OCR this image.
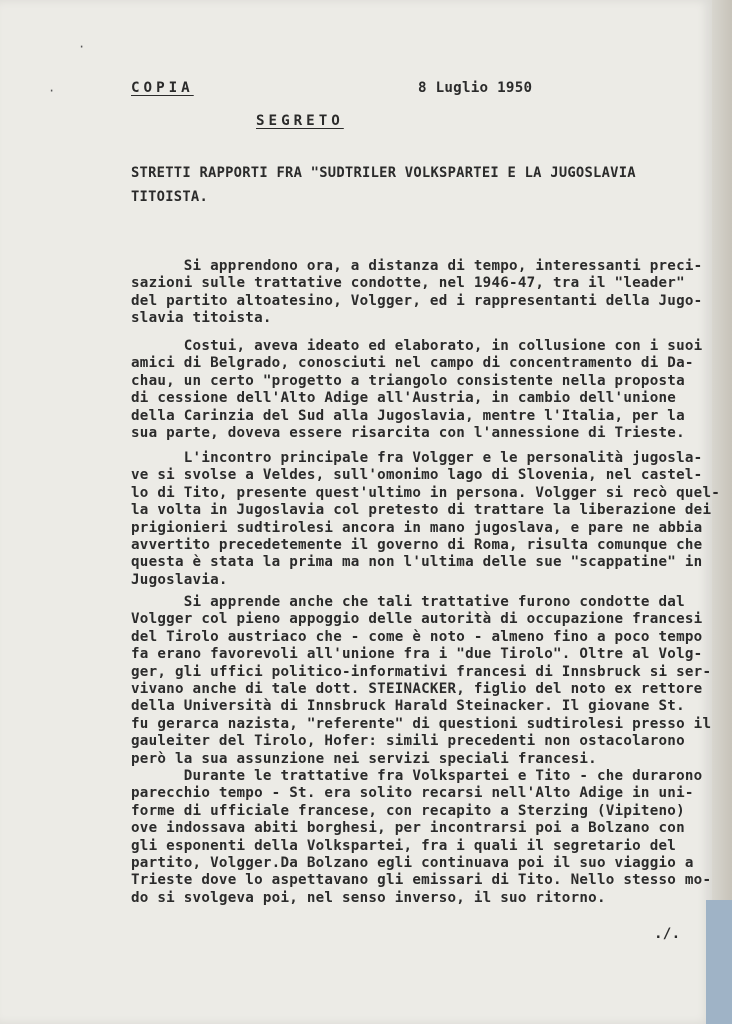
COPIA	8 Luglio 1950
SEGRETO
STRETTI RAPPORTI FRA "SUDTRILER VOLKSPARTEI E LA JUGOSLAVIA
TITOISTA.
Si apprendono ora, a distanza di tempo, interessanti preci-
sazioni sulle trattative condotte, nel 1946-47, tra il "leader"
del partito altoatesino, Volgger, ed i rappresentanti della Jugo-
slavia titoista.
Costui, aveva ideato ed elaborato, in collusione con i suoi
amici di Belgrado, conosciuti nel campo di concentramento di Da-
chau, un certo "progetto a triangolo consistente nella proposta
di cessione dell'Alto Adige all'Austria, in cambio dell'unione
della Carinzia del Sud alla Jugoslavia, mentre l'Italia, per la
sua parte, doveva essere risarcita con l'annessione di Trieste.
L'incontro principale fra Volgger e le personalità jugosla-
ve si svolse a Veldes, sull'omonimo lago di Slovenia, nel castel-
lo di Tito, presente quest'ultimo in persona. Volgger si recò quel-
la volta in Jugoslavia col pretesto di trattare la liberazione dei
prigionieri sudtirolesi ancora in mano jugoslava, e pare ne abbia
avvertito precedetemente il governo di Roma, risulta comunque che
questa è stata la prima ma non l'ultima delle sue "scappatine" in
Jugoslavia.
Si apprende anche che tali trattative furono condotte dal
Volgger col pieno appoggio delle autorità di occupazione francesi
del Tirolo austriaco che - come è noto - almeno fino a poco tempo
fa erano favorevoli all'unione fra i "due Tirolo". Oltre al Volg-
ger, gli uffici politico-informativi francesi di Innsbruck si ser-
vivano anche di tale dott. STEINACKER, figlio del noto ex rettore
della Università di Innsbruck Harald Steinacker. Il giovane St.
fu gerarca nazista, "referente" di questioni sudtirolesi presso il
gauleiter del Tirolo, Hofer: simili precedenti non ostacolarono
però la sua assunzione nei servizi speciali francesi.
Durante le trattative fra Volkspartei e Tito - che durarono
parecchio tempo - St. era solito recarsi nell'Alto Adige in uni-
forme di ufficiale francese, con recapito a Sterzing (Vipiteno)
ove indossava abiti borghesi, per incontrarsi poi a Bolzano con
gli esponenti della Volkspartei, fra i quali il segretario del
partito, Volgger.Da Bolzano egli continuava poi il suo viaggio a
Trieste dove lo aspettavano gli emissari di Tito. Nello stesso mo-
do si svolgeva poi, nel senso inverso, il suo ritorno.
./.
·
·
